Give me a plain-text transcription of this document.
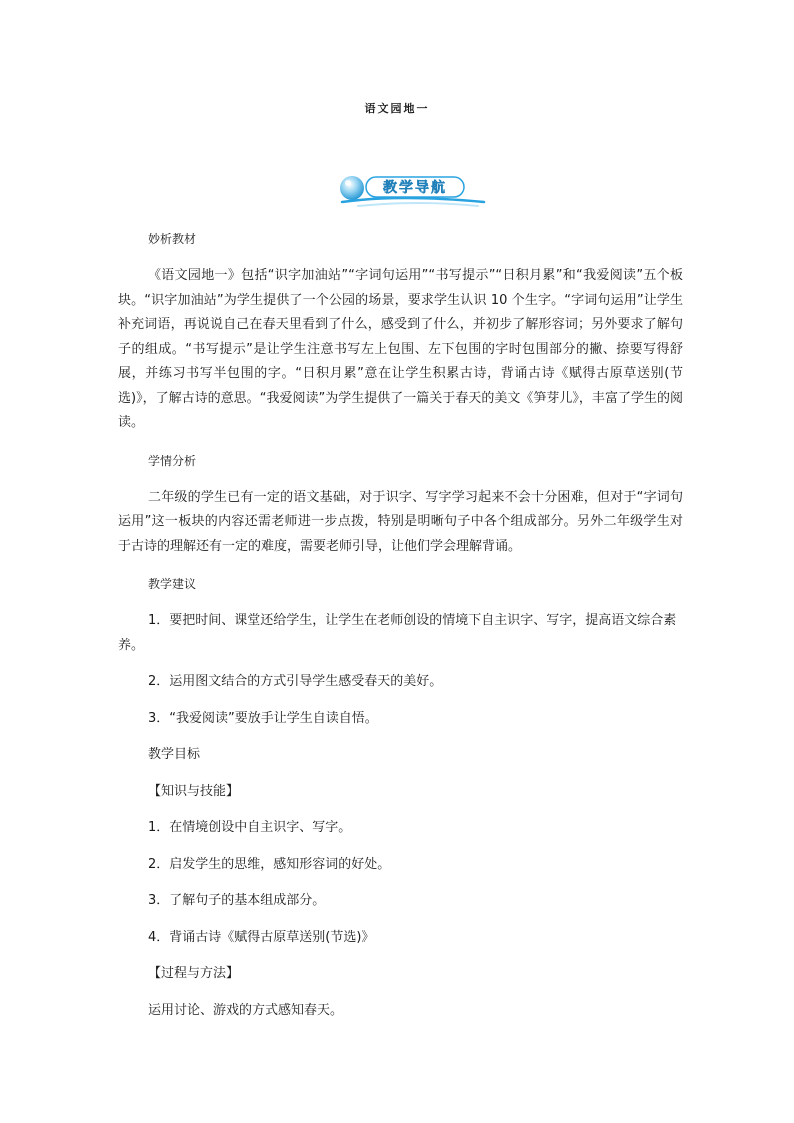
语文园地一
教学导航
妙析教材

《语文园地一》包括“识字加油站”“字词句运用”“书写提示”“日积月累”和“我爱阅读”五个板块。“识字加油站”为学生提供了一个公园的场景，要求学生认识 10 个生字。“字词句运用”让学生补充词语，再说说自己在春天里看到了什么，感受到了什么，并初步了解形容词；另外要求了解句子的组成。“书写提示”是让学生注意书写左上包围、左下包围的字时包围部分的撇、捺要写得舒展，并练习书写半包围的字。“日积月累”意在让学生积累古诗，背诵古诗《赋得古原草送别(节选)》，了解古诗的意思。“我爱阅读”为学生提供了一篇关于春天的美文《笋芽儿》，丰富了学生的阅读。

学情分析

二年级的学生已有一定的语文基础，对于识字、写字学习起来不会十分困难，但对于“字词句运用”这一板块的内容还需老师进一步点拨，特别是明晰句子中各个组成部分。另外二年级学生对于古诗的理解还有一定的难度，需要老师引导，让他们学会理解背诵。

教学建议

1．要把时间、课堂还给学生，让学生在老师创设的情境下自主识字、写字，提高语文综合素养。

2．运用图文结合的方式引导学生感受春天的美好。

3．“我爱阅读”要放手让学生自读自悟。

教学目标

【知识与技能】

1．在情境创设中自主识字、写字。

2．启发学生的思维，感知形容词的好处。

3．了解句子的基本组成部分。

4．背诵古诗《赋得古原草送别(节选)》

【过程与方法】

运用讨论、游戏的方式感知春天。
